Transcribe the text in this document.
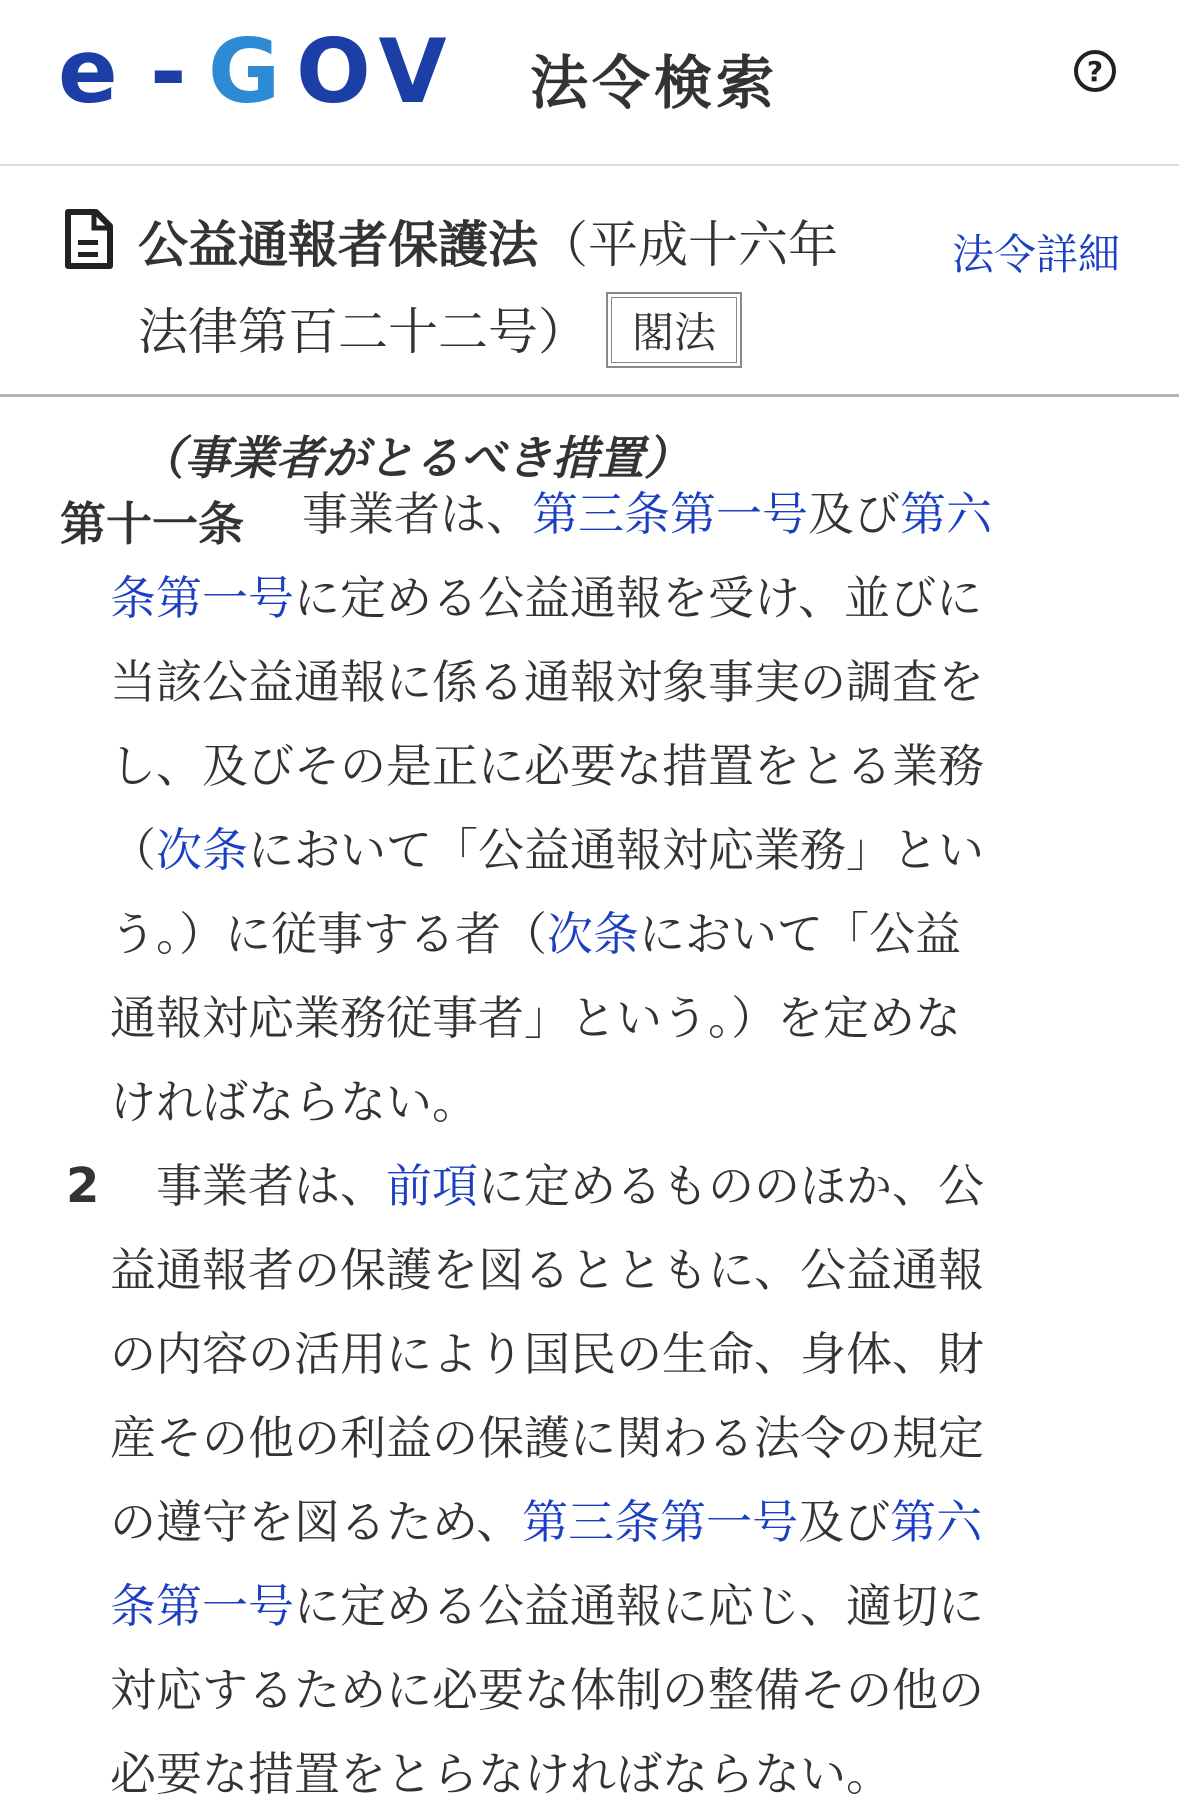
e - G OV 法令検索	?
公益通報者保護法（平成十六年
法律第百二十二号） 閣法
法令詳細
（事業者がとるべき措置）
第十一条 事業者は、第三条第一号及び第六
条第一号に定める公益通報を受け、並びに
当該公益通報に係る通報対象事実の調査を
し、及びその是正に必要な措置をとる業務
（次条において「公益通報対応業務」とい
う。）に従事する者（次条において「公益
通報対応業務従事者」という。）を定めな
ければならない。
2 事業者は、前項に定めるもののほか、公
益通報者の保護を図るとともに、公益通報
の内容の活用により国民の生命、身体、財
産その他の利益の保護に関わる法令の規定
の遵守を図るため、第三条第一号及び第六
条第一号に定める公益通報に応じ、適切に
対応するために必要な体制の整備その他の
必要な措置をとらなければならない。
